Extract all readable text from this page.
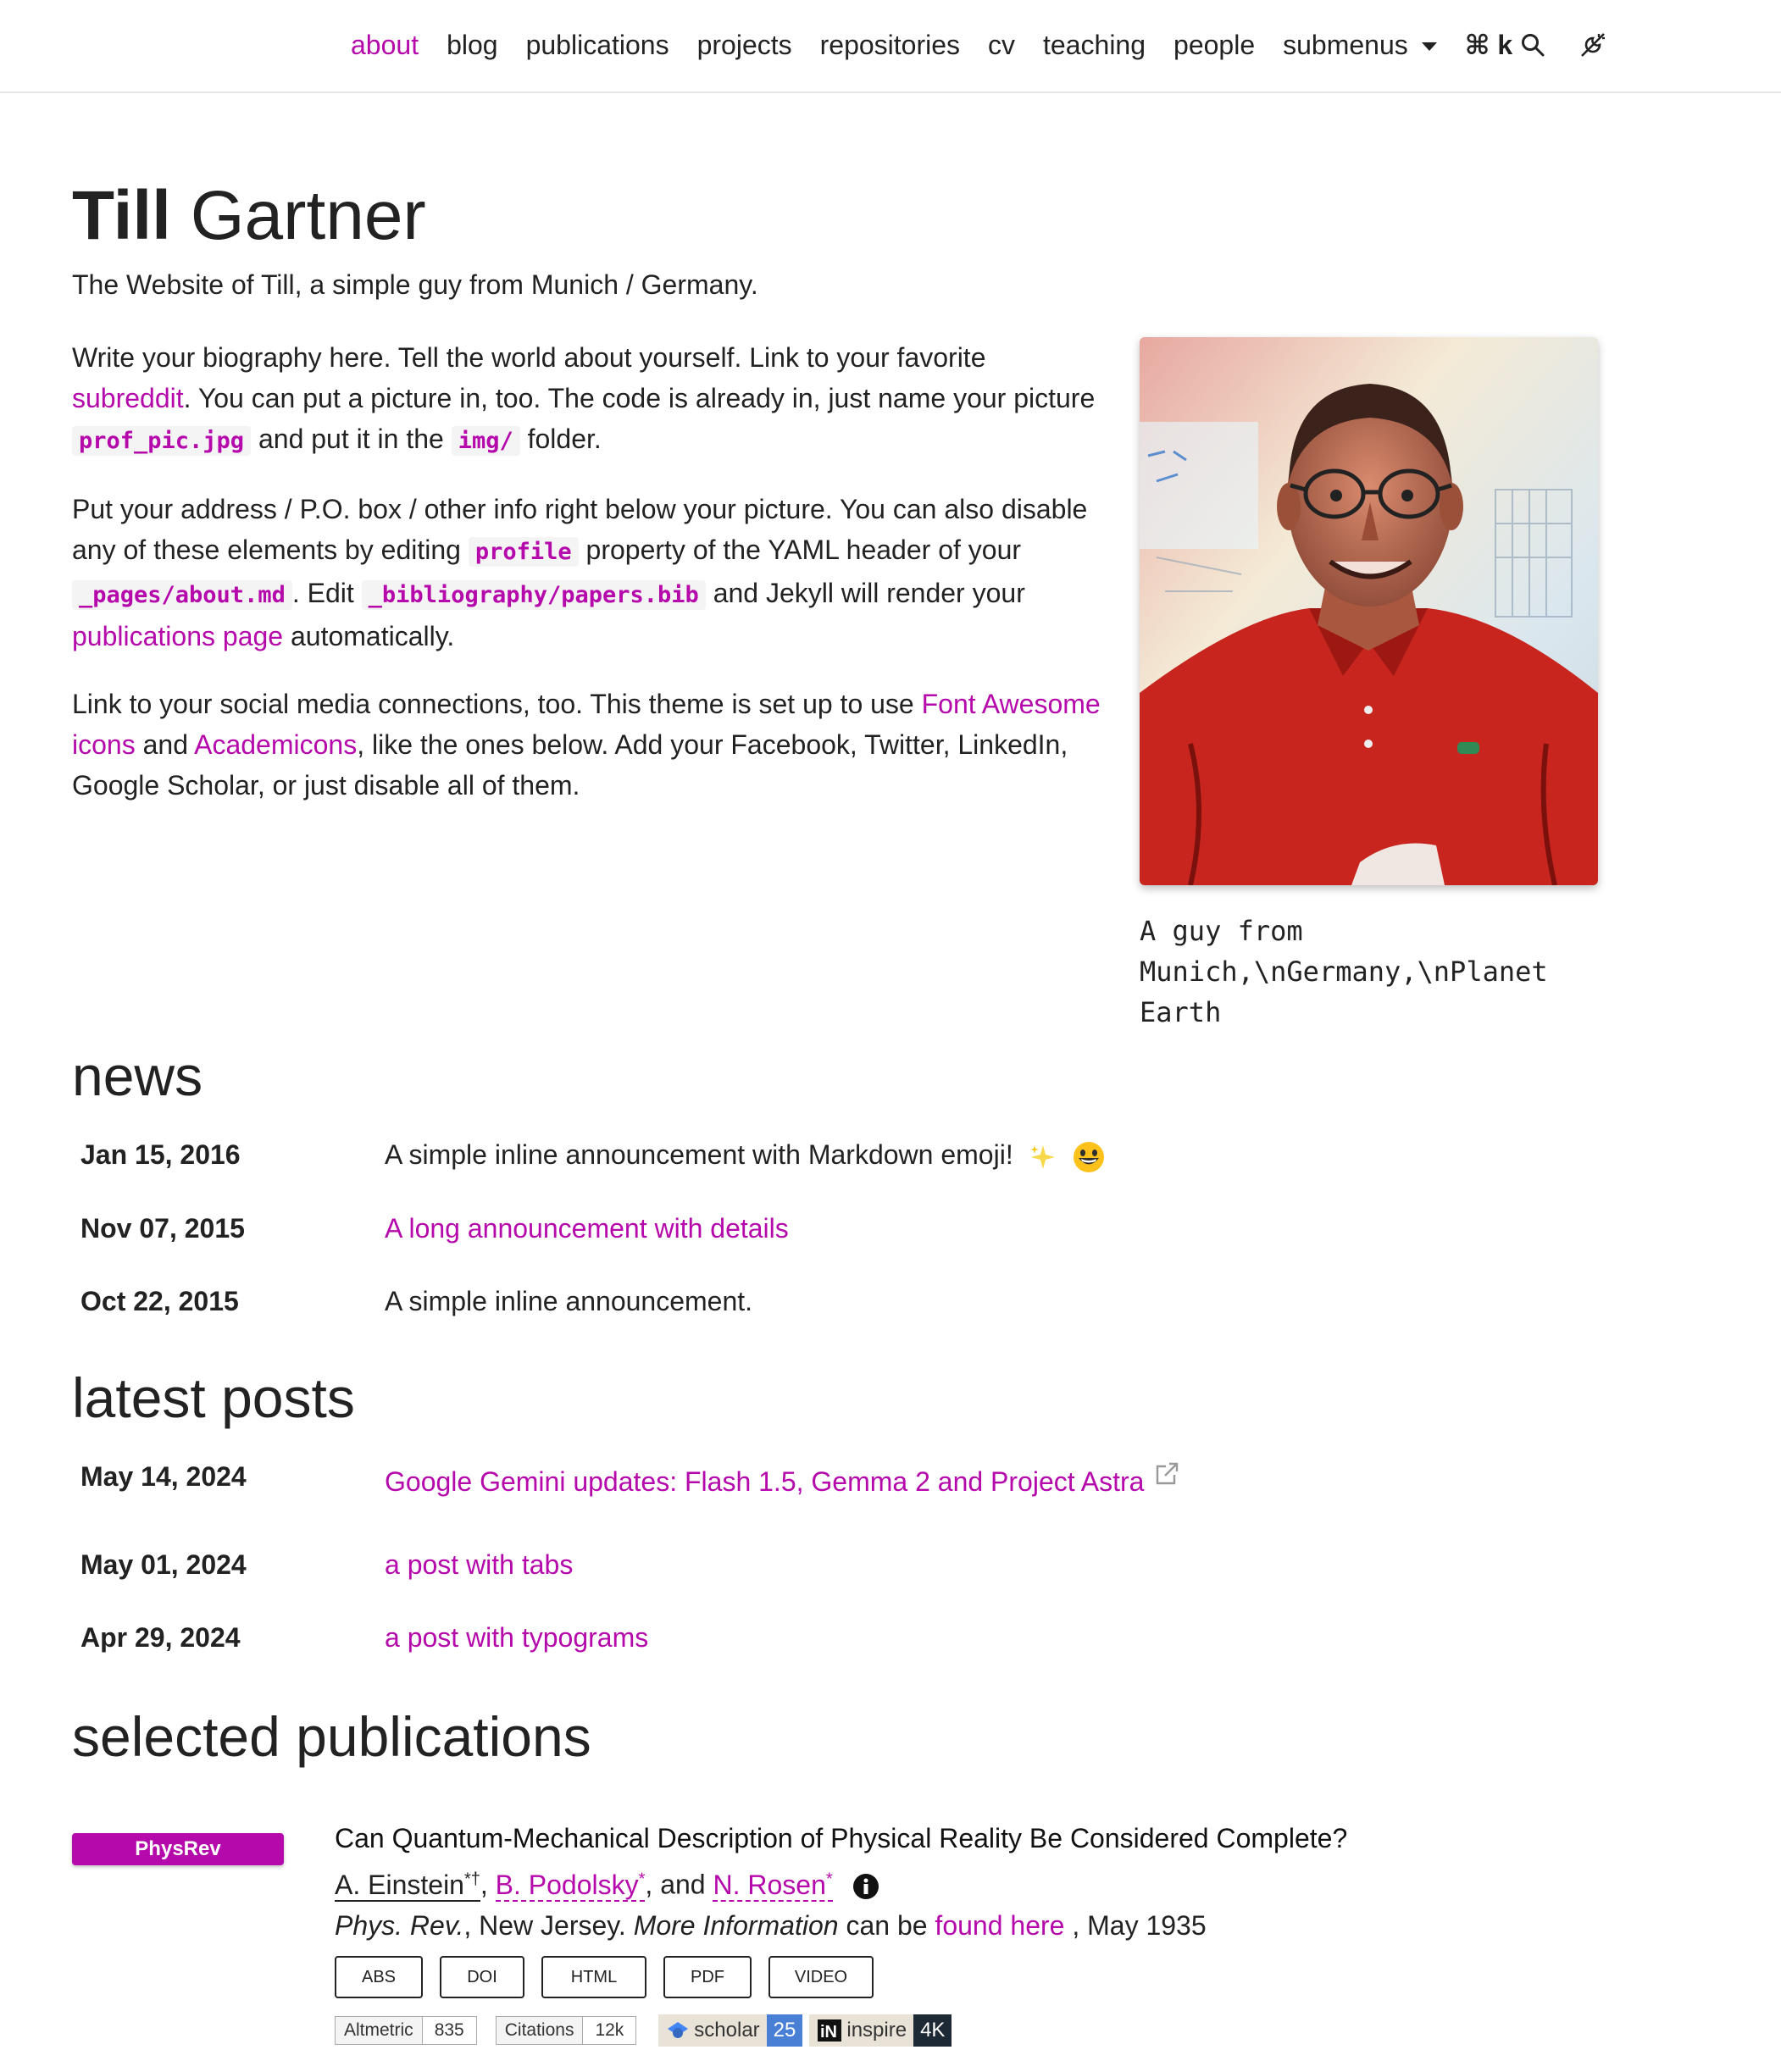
about blog publications projects repositories cv teaching people submenus	⌘ k
Till Gartner

The Website of Till, a simple guy from Munich / Germany.

Write your biography here. Tell the world about yourself. Link to your favorite subreddit. You can put a picture in, too. The code is already in, just name your picture prof_pic.jpg and put it in the img/ folder.

Put your address / P.O. box / other info right below your picture. You can also disable any of these elements by editing profile property of the YAML header of your _pages/about.md . Edit _bibliography/papers.bib and Jekyll will render your publications page automatically.

Link to your social media connections, too. This theme is set up to use Font Awesome icons and Academicons, like the ones below. Add your Facebook, Twitter, LinkedIn, Google Scholar, or just disable all of them.

A guy from
Munich,\nGermany,\nPlanet
Earth
news
Jan 15, 2016	A simple inline announcement with Markdown emoji!
Nov 07, 2015	A long announcement with details
Oct 22, 2015	A simple inline announcement.
latest posts
May 14, 2024	Google Gemini updates: Flash 1.5, Gemma 2 and Project Astra
May 01, 2024	a post with tabs
Apr 29, 2024	a post with typograms
selected publications
PhysRev	Can Quantum-Mechanical Description of Physical Reality Be Considered Complete?
A. Einstein*†, B. Podolsky*, and N. Rosen*
Phys. Rev., New Jersey. More Information can be found here , May 1935
ABS	DOI	HTML	PDF	VIDEO
Altmetric	835	Citations	12k	scholar 25	iN inspire 4K
